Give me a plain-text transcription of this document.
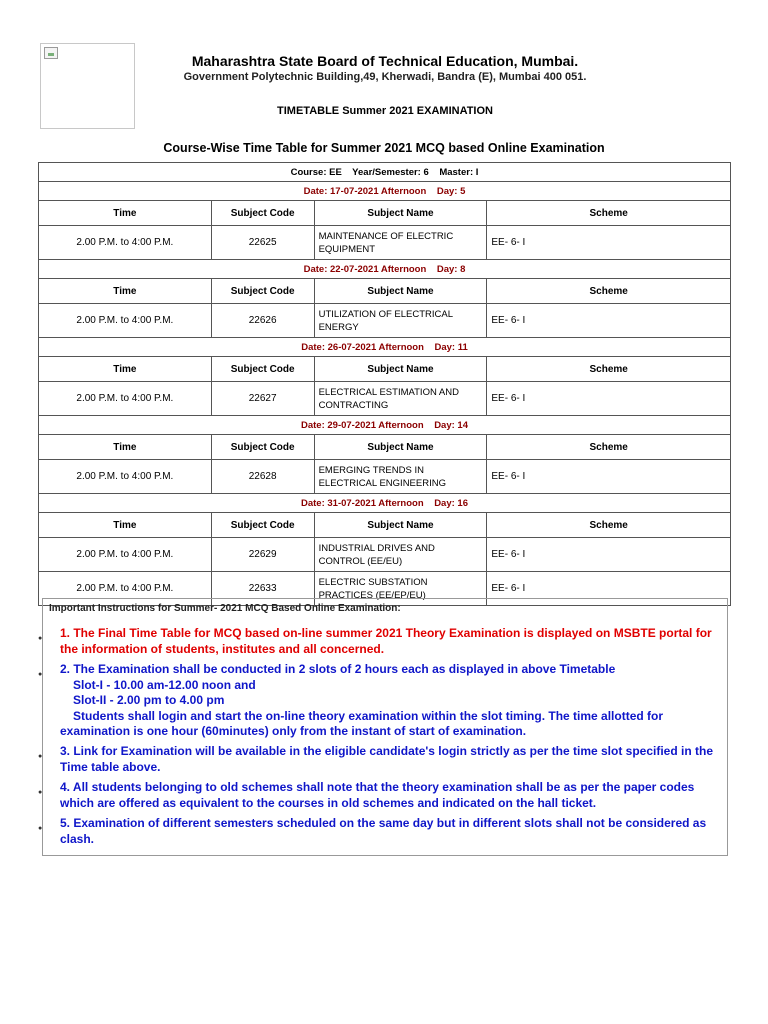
Maharashtra State Board of Technical Education, Mumbai.
Government Polytechnic Building,49, Kherwadi, Bandra (E), Mumbai 400 051.
TIMETABLE Summer 2021 EXAMINATION
Course-Wise Time Table for Summer 2021 MCQ based Online Examination
Course: EE    Year/Semester: 6    Master: I			
Date: 17-07-2021 Afternoon    Day: 5			
Time	Subject Code	Subject Name	Scheme
2.00 P.M. to 4:00 P.M.	22625	MAINTENANCE OF ELECTRIC EQUIPMENT	EE- 6- I
Date: 22-07-2021 Afternoon    Day: 8			
Time	Subject Code	Subject Name	Scheme
2.00 P.M. to 4:00 P.M.	22626	UTILIZATION OF ELECTRICAL ENERGY	EE- 6- I
Date: 26-07-2021 Afternoon    Day: 11			
Time	Subject Code	Subject Name	Scheme
2.00 P.M. to 4:00 P.M.	22627	ELECTRICAL ESTIMATION AND CONTRACTING	EE- 6- I
Date: 29-07-2021 Afternoon    Day: 14			
Time	Subject Code	Subject Name	Scheme
2.00 P.M. to 4:00 P.M.	22628	EMERGING TRENDS IN ELECTRICAL ENGINEERING	EE- 6- I
Date: 31-07-2021 Afternoon    Day: 16			
Time	Subject Code	Subject Name	Scheme
2.00 P.M. to 4:00 P.M.	22629	INDUSTRIAL DRIVES AND CONTROL (EE/EU)	EE- 6- I
2.00 P.M. to 4:00 P.M.	22633	ELECTRIC SUBSTATION PRACTICES (EE/EP/EU)	EE- 6- I
Important Instructions for Summer- 2021 MCQ Based Online Examination:
● 1. The Final Time Table for MCQ based on-line summer 2021 Theory Examination is displayed on MSBTE portal for the information of students, institutes and all concerned.
● 2. The Examination shall be conducted in 2 slots of 2 hours each as displayed in above Timetable
Slot-I - 10.00 am-12.00 noon and
Slot-II - 2.00 pm to 4.00 pm
Students shall login and start the on-line theory examination within the slot timing. The time allotted for examination is one hour (60minutes) only from the instant of start of examination.
● 3. Link for Examination will be available in the eligible candidate's login strictly as per the time slot specified in the Time table above.
● 4. All students belonging to old schemes shall note that the theory examination shall be as per the paper codes which are offered as equivalent to the courses in old schemes and indicated on the hall ticket.
● 5. Examination of different semesters scheduled on the same day but in different slots shall not be considered as clash.
